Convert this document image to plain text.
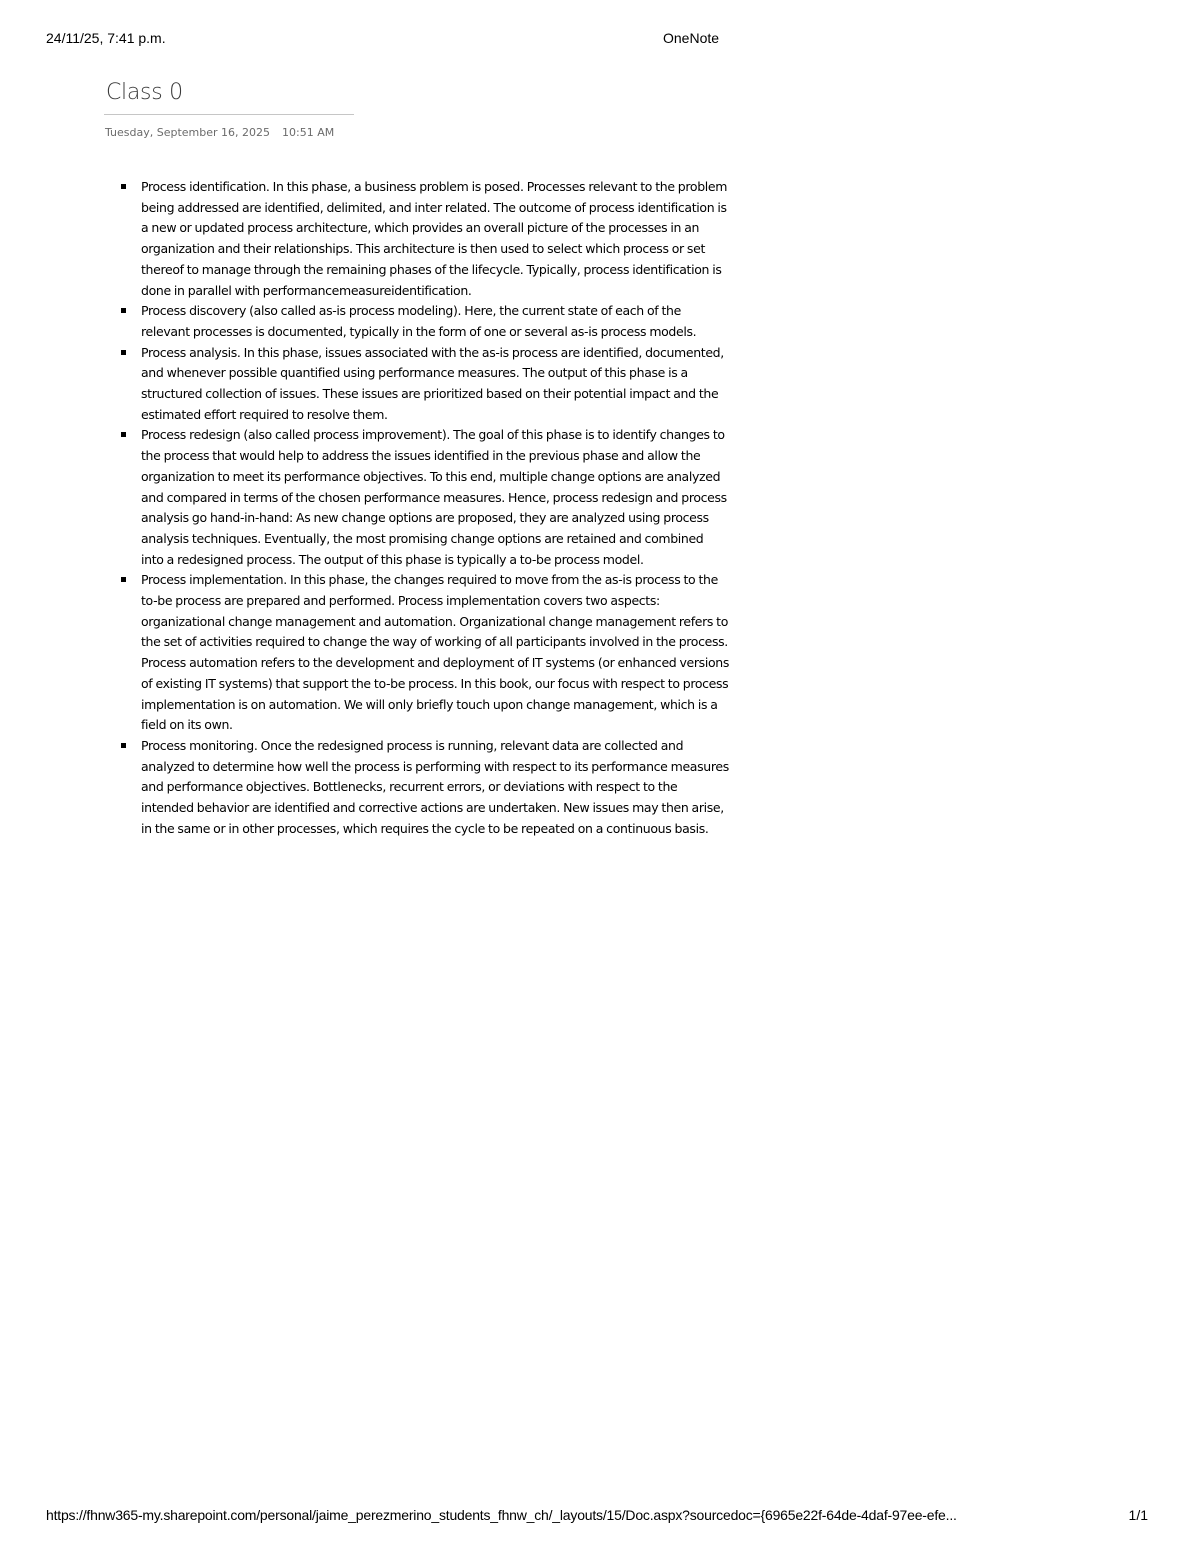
24/11/25, 7:41 p.m.	OneNote
Class 0
Tuesday, September 16, 2025 10:51 AM
Process identification. In this phase, a business problem is posed. Processes relevant to the problem being addressed are identified, delimited, and inter related. The outcome of process identification is a new or updated process architecture, which provides an overall picture of the processes in an organization and their relationships. This architecture is then used to select which process or set thereof to manage through the remaining phases of the lifecycle. Typically, process identification is done in parallel with performancemeasureidentification.
Process discovery (also called as-is process modeling). Here, the current state of each of the relevant processes is documented, typically in the form of one or several as-is process models.
Process analysis. In this phase, issues associated with the as-is process are identified, documented, and whenever possible quantified using performance measures. The output of this phase is a structured collection of issues. These issues are prioritized based on their potential impact and the estimated effort required to resolve them.
Process redesign (also called process improvement). The goal of this phase is to identify changes to the process that would help to address the issues identified in the previous phase and allow the organization to meet its performance objectives. To this end, multiple change options are analyzed and compared in terms of the chosen performance measures. Hence, process redesign and process analysis go hand-in-hand: As new change options are proposed, they are analyzed using process analysis techniques. Eventually, the most promising change options are retained and combined into a redesigned process. The output of this phase is typically a to-be process model.
Process implementation. In this phase, the changes required to move from the as-is process to the to-be process are prepared and performed. Process implementation covers two aspects: organizational change management and automation. Organizational change management refers to the set of activities required to change the way of working of all participants involved in the process. Process automation refers to the development and deployment of IT systems (or enhanced versions of existing IT systems) that support the to-be process. In this book, our focus with respect to process implementation is on automation. We will only briefly touch upon change management, which is a field on its own.
Process monitoring. Once the redesigned process is running, relevant data are collected and analyzed to determine how well the process is performing with respect to its performance measures and performance objectives. Bottlenecks, recurrent errors, or deviations with respect to the intended behavior are identified and corrective actions are undertaken. New issues may then arise, in the same or in other processes, which requires the cycle to be repeated on a continuous basis.
https://fhnw365-my.sharepoint.com/personal/jaime_perezmerino_students_fhnw_ch/_layouts/15/Doc.aspx?sourcedoc={6965e22f-64de-4daf-97ee-efe...	1/1
